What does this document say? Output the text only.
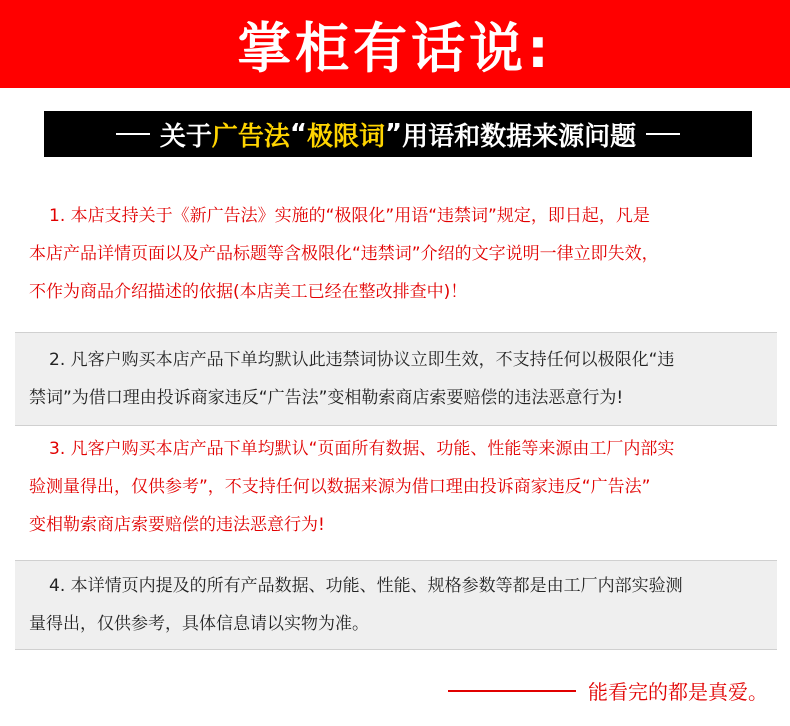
掌柜有话说:
关于 广告法 “ 极限词 ” 用语和数据来源问题
1. 本店支持关于《新广告法》实施的“极限化”用语“违禁词”规定，即日起，凡是
本店产品详情页面以及产品标题等含极限化“违禁词”介绍的文字说明一律立即失效，
不作为商品介绍描述的依据(本店美工已经在整改排查中)！
2. 凡客户购买本店产品下单均默认此违禁词协议立即生效，不支持任何以极限化“违
禁词”为借口理由投诉商家违反“广告法”变相勒索商店索要赔偿的违法恶意行为!
3. 凡客户购买本店产品下单均默认“页面所有数据、功能、性能等来源由工厂内部实
验测量得出，仅供参考”，不支持任何以数据来源为借口理由投诉商家违反“广告法”
变相勒索商店索要赔偿的违法恶意行为!
4. 本详情页内提及的所有产品数据、功能、性能、规格参数等都是由工厂内部实验测
量得出，仅供参考，具体信息请以实物为准。
能看完的都是真爱。
